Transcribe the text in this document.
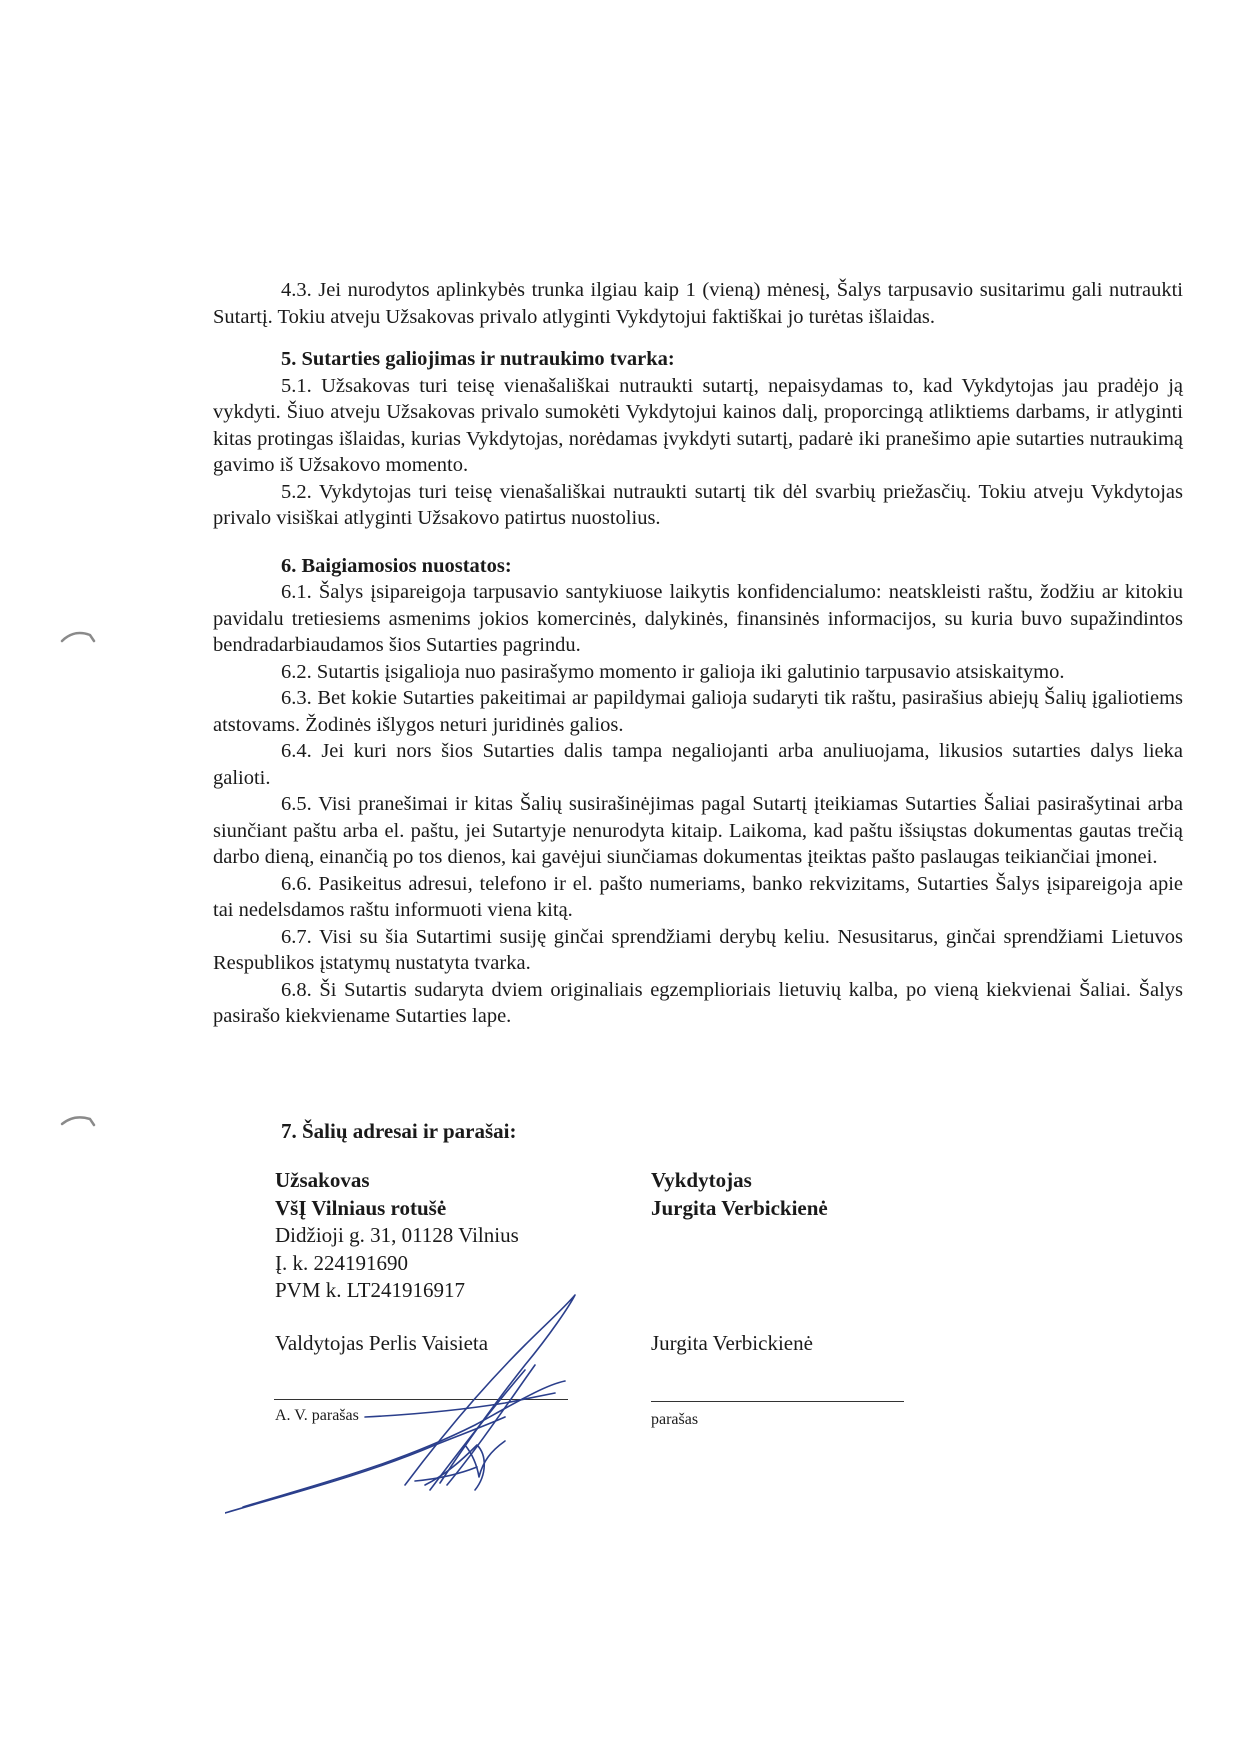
4.3. Jei nurodytos aplinkybės trunka ilgiau kaip 1 (vieną) mėnesį, Šalys tarpusavio susitarimu gali nutraukti Sutartį. Tokiu atveju Užsakovas privalo atlyginti Vykdytojui faktiškai jo turėtas išlaidas.

5. Sutarties galiojimas ir nutraukimo tvarka:

5.1. Užsakovas turi teisę vienašališkai nutraukti sutartį, nepaisydamas to, kad Vykdytojas jau pradėjo ją vykdyti. Šiuo atveju Užsakovas privalo sumokėti Vykdytojui kainos dalį, proporcingą atliktiems darbams, ir atlyginti kitas protingas išlaidas, kurias Vykdytojas, norėdamas įvykdyti sutartį, padarė iki pranešimo apie sutarties nutraukimą gavimo iš Užsakovo momento.

5.2. Vykdytojas turi teisę vienašališkai nutraukti sutartį tik dėl svarbių priežasčių. Tokiu atveju Vykdytojas privalo visiškai atlyginti Užsakovo patirtus nuostolius.

6. Baigiamosios nuostatos:

6.1. Šalys įsipareigoja tarpusavio santykiuose laikytis konfidencialumo: neatskleisti raštu, žodžiu ar kitokiu pavidalu tretiesiems asmenims jokios komercinės, dalykinės, finansinės informacijos, su kuria buvo supažindintos bendradarbiaudamos šios Sutarties pagrindu.

6.2. Sutartis įsigalioja nuo pasirašymo momento ir galioja iki galutinio tarpusavio atsiskaitymo.

6.3. Bet kokie Sutarties pakeitimai ar papildymai galioja sudaryti tik raštu, pasirašius abiejų Šalių įgaliotiems atstovams. Žodinės išlygos neturi juridinės galios.

6.4. Jei kuri nors šios Sutarties dalis tampa negaliojanti arba anuliuojama, likusios sutarties dalys lieka galioti.

6.5. Visi pranešimai ir kitas Šalių susirašinėjimas pagal Sutartį įteikiamas Sutarties Šaliai pasirašytinai arba siunčiant paštu arba el. paštu, jei Sutartyje nenurodyta kitaip. Laikoma, kad paštu išsiųstas dokumentas gautas trečią darbo dieną, einančią po tos dienos, kai gavėjui siunčiamas dokumentas įteiktas pašto paslaugas teikiančiai įmonei.

6.6. Pasikeitus adresui, telefono ir el. pašto numeriams, banko rekvizitams, Sutarties Šalys įsipareigoja apie tai nedelsdamos raštu informuoti viena kitą.

6.7. Visi su šia Sutartimi susiję ginčai sprendžiami derybų keliu. Nesusitarus, ginčai sprendžiami Lietuvos Respublikos įstatymų nustatyta tvarka.

6.8. Ši Sutartis sudaryta dviem originaliais egzemplioriais lietuvių kalba, po vieną kiekvienai Šaliai. Šalys pasirašo kiekviename Sutarties lape.

7. Šalių adresai ir parašai:
Užsakovas
VšĮ Vilniaus rotušė
Didžioji g. 31, 01128 Vilnius
Į. k. 224191690
PVM k. LT241916917
Vykdytojas
Jurgita Verbickienė
Valdytojas Perlis Vaisieta	Jurgita Verbickienė
A. V. parašas	parašas
